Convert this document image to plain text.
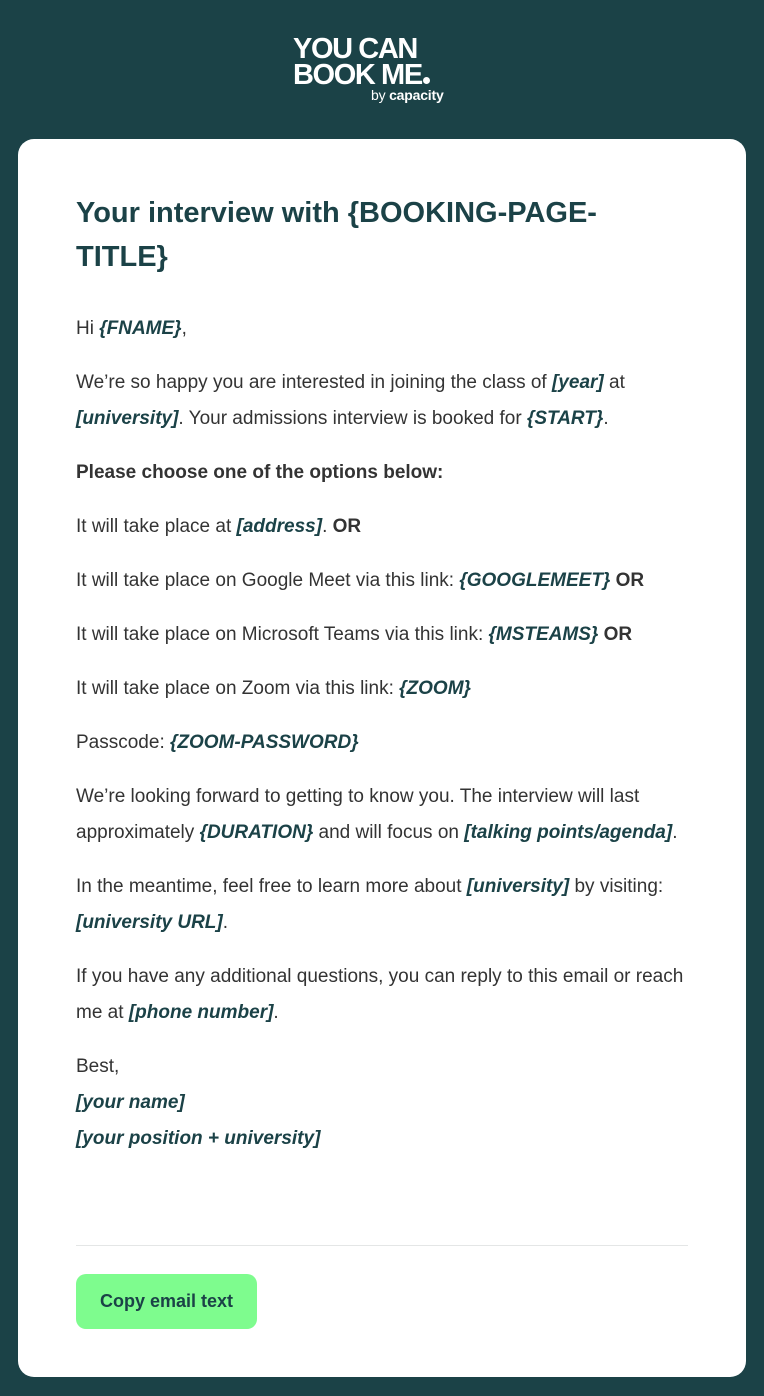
YOU CAN
BOOK ME
by capacity
Your interview with {BOOKING-PAGE-TITLE}

Hi {FNAME},

We’re so happy you are interested in joining the class of [year] at [university]. Your admissions interview is booked for {START}.

Please choose one of the options below:

It will take place at [address]. OR

It will take place on Google Meet via this link: {GOOGLEMEET} OR

It will take place on Microsoft Teams via this link: {MSTEAMS} OR

It will take place on Zoom via this link: {ZOOM}

Passcode: {ZOOM-PASSWORD}

We’re looking forward to getting to know you. The interview will last approximately {DURATION} and will focus on [talking points/agenda].

In the meantime, feel free to learn more about [university] by visiting: [university URL].

If you have any additional questions, you can reply to this email or reach me at [phone number].

Best,
[your name]
[your position + university]

Copy email text
